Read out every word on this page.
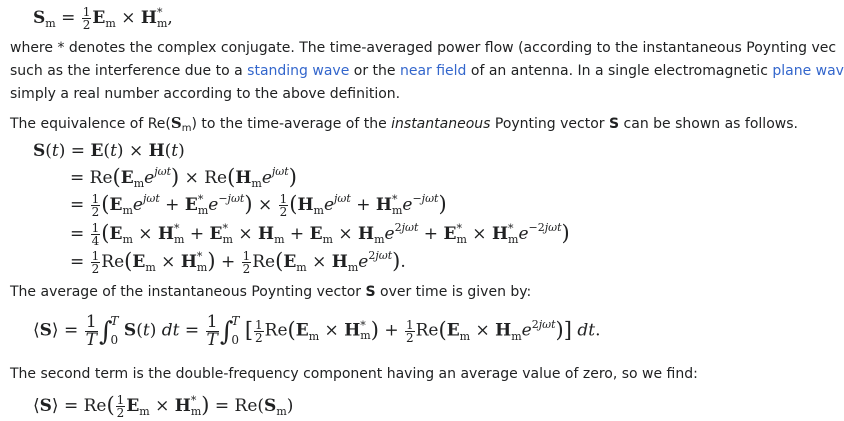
$S_m = \frac{1}{2} E_m \times H$ *
m ,

where * denotes the complex conjugate. The time-averaged power flow (according to the instantaneous Poynting vec

such as the interference due to a standing wave or the near field of an antenna. In a single electromagnetic plane wav

simply a real number according to the above definition.

The equivalence of $Re(S_m)$ to the time-average of the instantaneous Poynting vector S can be shown as follows.

S(t) = E(t) × H(t)
= $Re(E_me^{j\omega t}) \times Re(H_me^{j\omega t})$
= $\frac{1}{2} (E_me^{j\omega t} + E$ *
m $e^{-j\omega t}) \times \frac{1}{2} (H_me^{j\omega t} + H$ *
m $e^{-j\omega t}$)
= $\frac{1}{4} (E_m \times H$ *
m + E *
$m \times H_m + E_m \times H_me^{2j\omega t} + E$ *
m × H *
m $e^{-2j\omega t}$)
= $\frac{1}{2} Re(E_m \times H$ *
m ) + $\frac{1}{2} Re(E_m \times H_me^{2j\omega t})$.

The average of the instantaneous Poynting vector S over time is given by:

⟨S⟩ = $\frac{1}{T}$ ∫
T
0 S(t) dt = $\frac{1}{T}$ ∫
T
0 [ $\frac{1}{2} Re(E_m \times H$ *
m ) + $\frac{1}{2} Re(E_m \times H_me^{2j\omega t})$] dt.

The second term is the double-frequency component having an average value of zero, so we find:

⟨S⟩ = $Re( \frac{1}{2} E_m \times H$ *
m ) = $Re(S_m)$
